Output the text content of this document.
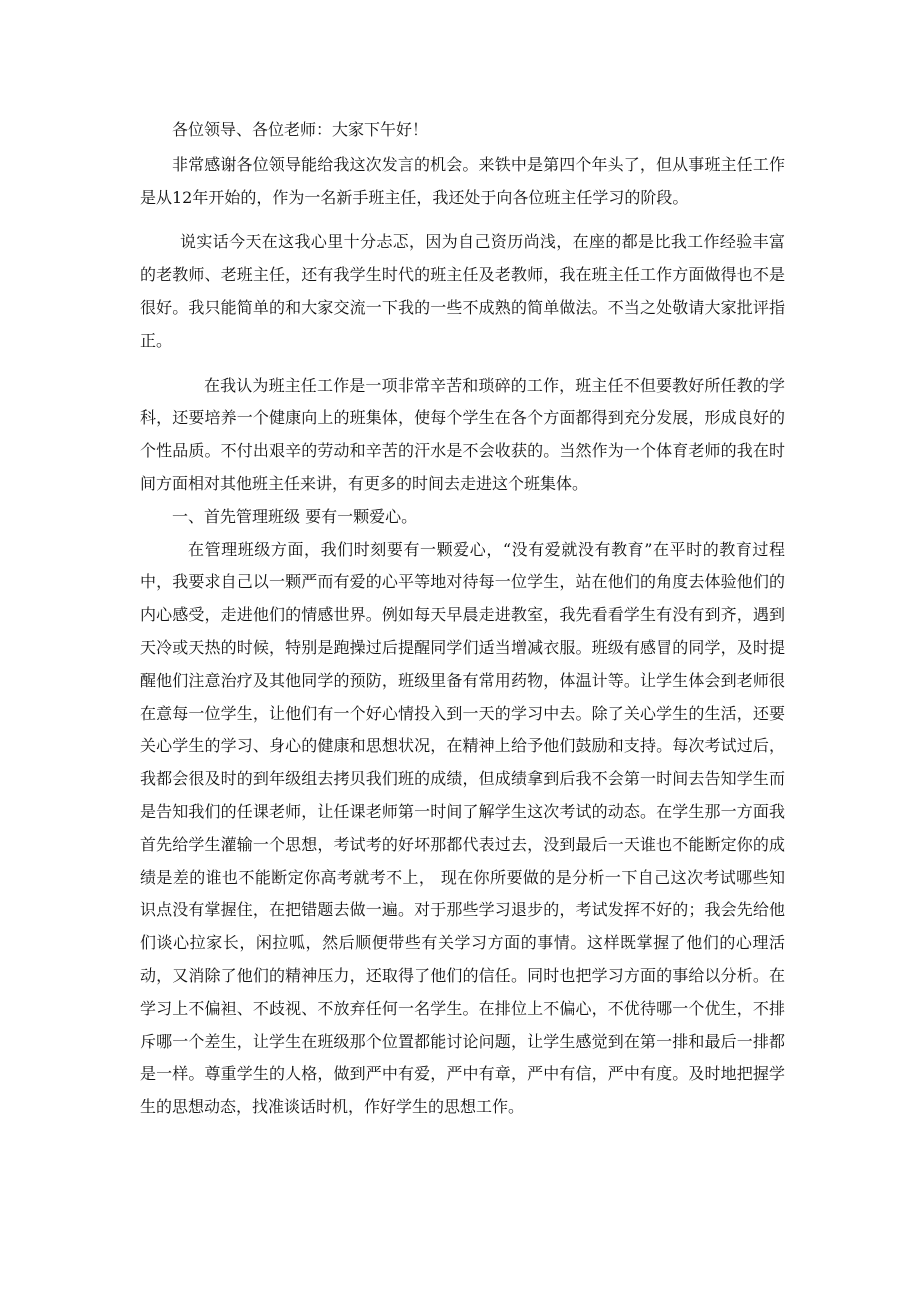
各位领导、各位老师：大家下午好！

非常感谢各位领导能给我这次发言的机会。来铁中是第四个年头了，但从事班主任工作是从12年开始的，作为一名新手班主任，我还处于向各位班主任学习的阶段。

说实话今天在这我心里十分忐忑，因为自己资历尚浅，在座的都是比我工作经验丰富的老教师、老班主任，还有我学生时代的班主任及老教师，我在班主任工作方面做得也不是很好。我只能简单的和大家交流一下我的一些不成熟的简单做法。不当之处敬请大家批评指正。

在我认为班主任工作是一项非常辛苦和琐碎的工作，班主任不但要教好所任教的学科，还要培养一个健康向上的班集体，使每个学生在各个方面都得到充分发展，形成良好的个性品质。不付出艰辛的劳动和辛苦的汗水是不会收获的。当然作为一个体育老师的我在时间方面相对其他班主任来讲，有更多的时间去走进这个班集体。

一、首先管理班级 要有一颗爱心。

在管理班级方面，我们时刻要有一颗爱心，“没有爱就没有教育”在平时的教育过程中，我要求自己以一颗严而有爱的心平等地对待每一位学生，站在他们的角度去体验他们的内心感受，走进他们的情感世界。例如每天早晨走进教室，我先看看学生有没有到齐，遇到天冷或天热的时候，特别是跑操过后提醒同学们适当增减衣服。班级有感冒的同学，及时提醒他们注意治疗及其他同学的预防，班级里备有常用药物，体温计等。让学生体会到老师很在意每一位学生，让他们有一个好心情投入到一天的学习中去。除了关心学生的生活，还要关心学生的学习、身心的健康和思想状况，在精神上给予他们鼓励和支持。每次考试过后，我都会很及时的到年级组去拷贝我们班的成绩，但成绩拿到后我不会第一时间去告知学生而是告知我们的任课老师，让任课老师第一时间了解学生这次考试的动态。在学生那一方面我首先给学生灌输一个思想，考试考的好坏那都代表过去，没到最后一天谁也不能断定你的成绩是差的谁也不能断定你高考就考不上， 现在你所要做的是分析一下自己这次考试哪些知识点没有掌握住，在把错题去做一遍。对于那些学习退步的，考试发挥不好的；我会先给他们谈心拉家长，闲拉呱，然后顺便带些有关学习方面的事情。这样既掌握了他们的心理活动，又消除了他们的精神压力，还取得了他们的信任。同时也把学习方面的事给以分析。在学习上不偏袒、不歧视、不放弃任何一名学生。在排位上不偏心，不优待哪一个优生，不排斥哪一个差生，让学生在班级那个位置都能讨论问题，让学生感觉到在第一排和最后一排都是一样。尊重学生的人格，做到严中有爱，严中有章，严中有信，严中有度。及时地把握学生的思想动态，找准谈话时机，作好学生的思想工作。
